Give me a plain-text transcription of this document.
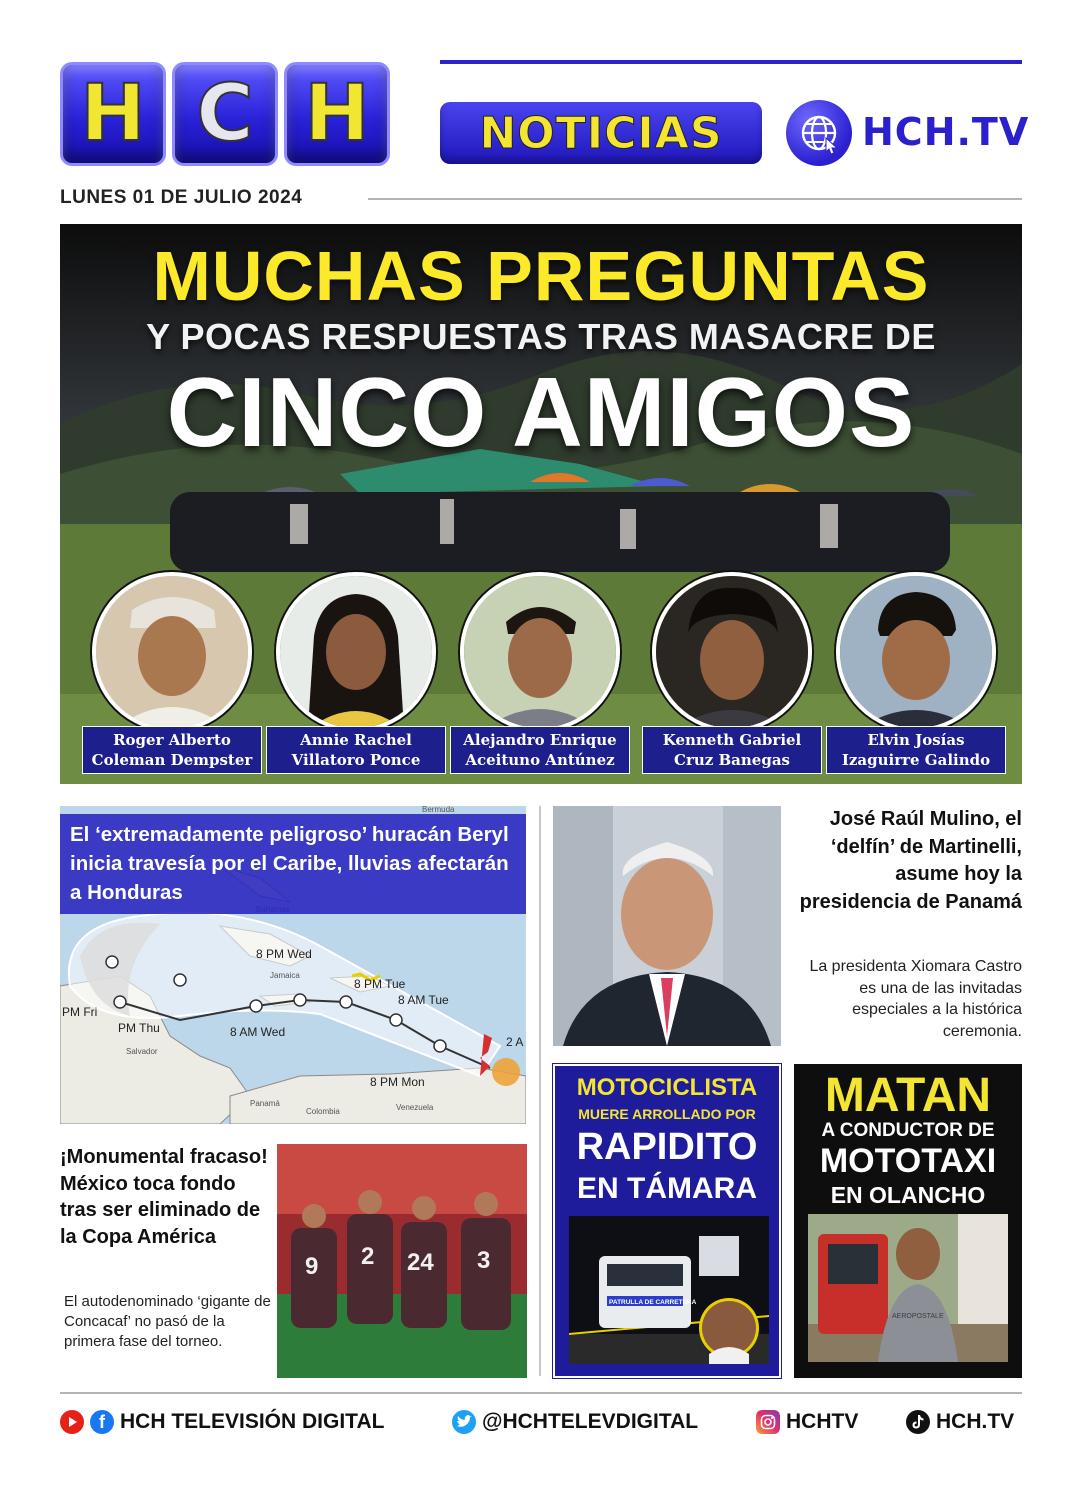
H C H NOTICIAS	HCH.TV
LUNES 01 DE JULIO 2024
MUCHAS PREGUNTAS
Y POCAS RESPUESTAS TRAS MASACRE DE
CINCO AMIGOS
Roger Alberto
Coleman Dempster
Annie Rachel
Villatoro Ponce
Alejandro Enrique
Aceituno Antúnez
Kenneth Gabriel
Cruz Banegas
Elvin Josías
Izaguirre Galindo
8 PM Wed
8 PM Tue
8 AM Tue
8 AM Wed
8 PM Mon
2 A
PM Thu
PM Fri
Jamaica
Bermuda
Salvador
Panamá
Colombia	Venezuela
El ‘extremadamente peligroso’ huracán Beryl inicia travesía por el Caribe, lluvias afectarán a Honduras
José Raúl Mulino, el ‘delfín’ de Martinelli, asume hoy la presidencia de Panamá
La presidenta Xiomara Castro es una de las invitadas especiales a la histórica ceremonia.
¡Monumental fracaso! México toca fondo tras ser eliminado de la Copa América
El autodenominado ‘gigante de Concacaf’ no pasó de la primera fase del torneo.
9 2 24 3
MOTOCICLISTA
MUERE ARROLLADO POR
RAPIDITO
EN TÁMARA
PATRULLA DE CARRETERA
MATAN
A CONDUCTOR DE
MOTOTAXI
EN OLANCHO
AEROPOSTALE
f HCH TELEVISIÓN DIGITAL	@HCHTELEVDIGITAL	HCHTV	HCH.TV
